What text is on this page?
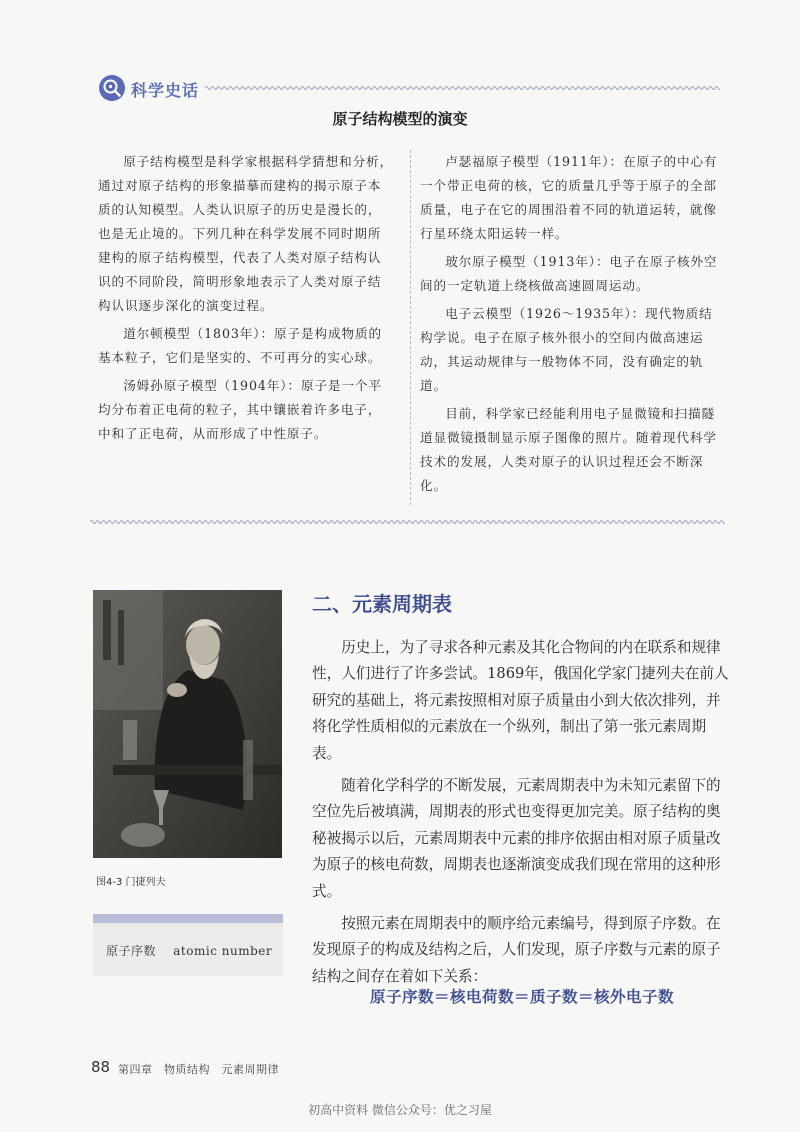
科学史话
原子结构模型的演变

原子结构模型是科学家根据科学猜想和分析，通过对原子结构的形象描摹而建构的揭示原子本质的认知模型。人类认识原子的历史是漫长的，也是无止境的。下列几种在科学发展不同时期所建构的原子结构模型，代表了人类对原子结构认识的不同阶段，简明形象地表示了人类对原子结构认识逐步深化的演变过程。

道尔顿模型（1803年）：原子是构成物质的基本粒子，它们是坚实的、不可再分的实心球。

汤姆孙原子模型（1904年）：原子是一个平均分布着正电荷的粒子，其中镶嵌着许多电子，中和了正电荷，从而形成了中性原子。

卢瑟福原子模型（1911年）：在原子的中心有一个带正电荷的核，它的质量几乎等于原子的全部质量，电子在它的周围沿着不同的轨道运转，就像行星环绕太阳运转一样。

玻尔原子模型（1913年）：电子在原子核外空间的一定轨道上绕核做高速圆周运动。

电子云模型（1926～1935年）：现代物质结构学说。电子在原子核外很小的空间内做高速运动，其运动规律与一般物体不同，没有确定的轨道。

目前，科学家已经能利用电子显微镜和扫描隧道显微镜摄制显示原子图像的照片。随着现代科学技术的发展，人类对原子的认识过程还会不断深化。

图4-3 门捷列夫
原子序数 atomic number
二、元素周期表

历史上，为了寻求各种元素及其化合物间的内在联系和规律性，人们进行了许多尝试。1869年，俄国化学家门捷列夫在前人研究的基础上，将元素按照相对原子质量由小到大依次排列，并将化学性质相似的元素放在一个纵列，制出了第一张元素周期表。

随着化学科学的不断发展，元素周期表中为未知元素留下的空位先后被填满，周期表的形式也变得更加完美。原子结构的奥秘被揭示以后，元素周期表中元素的排序依据由相对原子质量改为原子的核电荷数，周期表也逐渐演变成我们现在常用的这种形式。

按照元素在周期表中的顺序给元素编号，得到原子序数。在发现原子的构成及结构之后，人们发现，原子序数与元素的原子结构之间存在着如下关系：

原子序数＝核电荷数＝质子数＝核外电子数
88 第四章　物质结构　元素周期律
初高中资料 微信公众号：优之习屋
